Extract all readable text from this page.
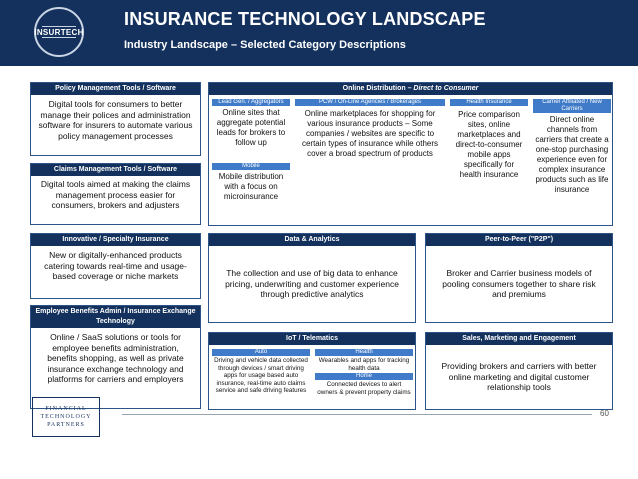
INSURTECH
INSURANCE TECHNOLOGY LANDSCAPE
Industry Landscape – Selected Category Descriptions
Policy Management Tools / Software
Digital tools for consumers to better manage their polices and administration software for insurers to automate various policy management processes
Claims Management Tools / Software
Digital tools aimed at making the claims management process easier for consumers, brokers and adjusters
Innovative / Specialty Insurance
New or digitally-enhanced products catering towards real-time and usage-based coverage or niche markets
Employee Benefits Admin / Insurance Exchange Technology
Online / SaaS solutions or tools for employee benefits administration, benefits shopping, as well as private insurance exchange technology and platforms for carriers and employers
Online Distribution – Direct to Consumer
Lead Gen. / Aggregators
Online sites that aggregate potential leads for brokers to follow up
Mobile
Mobile distribution with a focus on microinsurance
PCW / On-Line Agencies / Brokerages
Online marketplaces for shopping for various insurance products – Some companies / websites are specific to certain types of insurance while others cover a broad spectrum of products
Health Insurance
Price comparison sites, online marketplaces and direct-to-consumer mobile apps specifically for health insurance
Carrier Affiliated / New Carriers
Direct online channels from carriers that create a one-stop purchasing experience even for complex insurance products such as life insurance
Data & Analytics
The collection and use of big data to enhance pricing, underwriting and customer experience through predictive analytics
Peer-to-Peer ("P2P")
Broker and Carrier business models of pooling consumers together to share risk and premiums
IoT / Telematics
Auto
Driving and vehicle data collected through devices / smart driving apps for usage based auto insurance, real-time auto claims service and safe driving features
Health
Wearables and apps for tracking health data
Home
Connected devices to alert owners & prevent property claims
Sales, Marketing and Engagement
Providing brokers and carriers with better online marketing and digital customer relationship tools
FINANCIAL
TECHNOLOGY
PARTNERS
60
